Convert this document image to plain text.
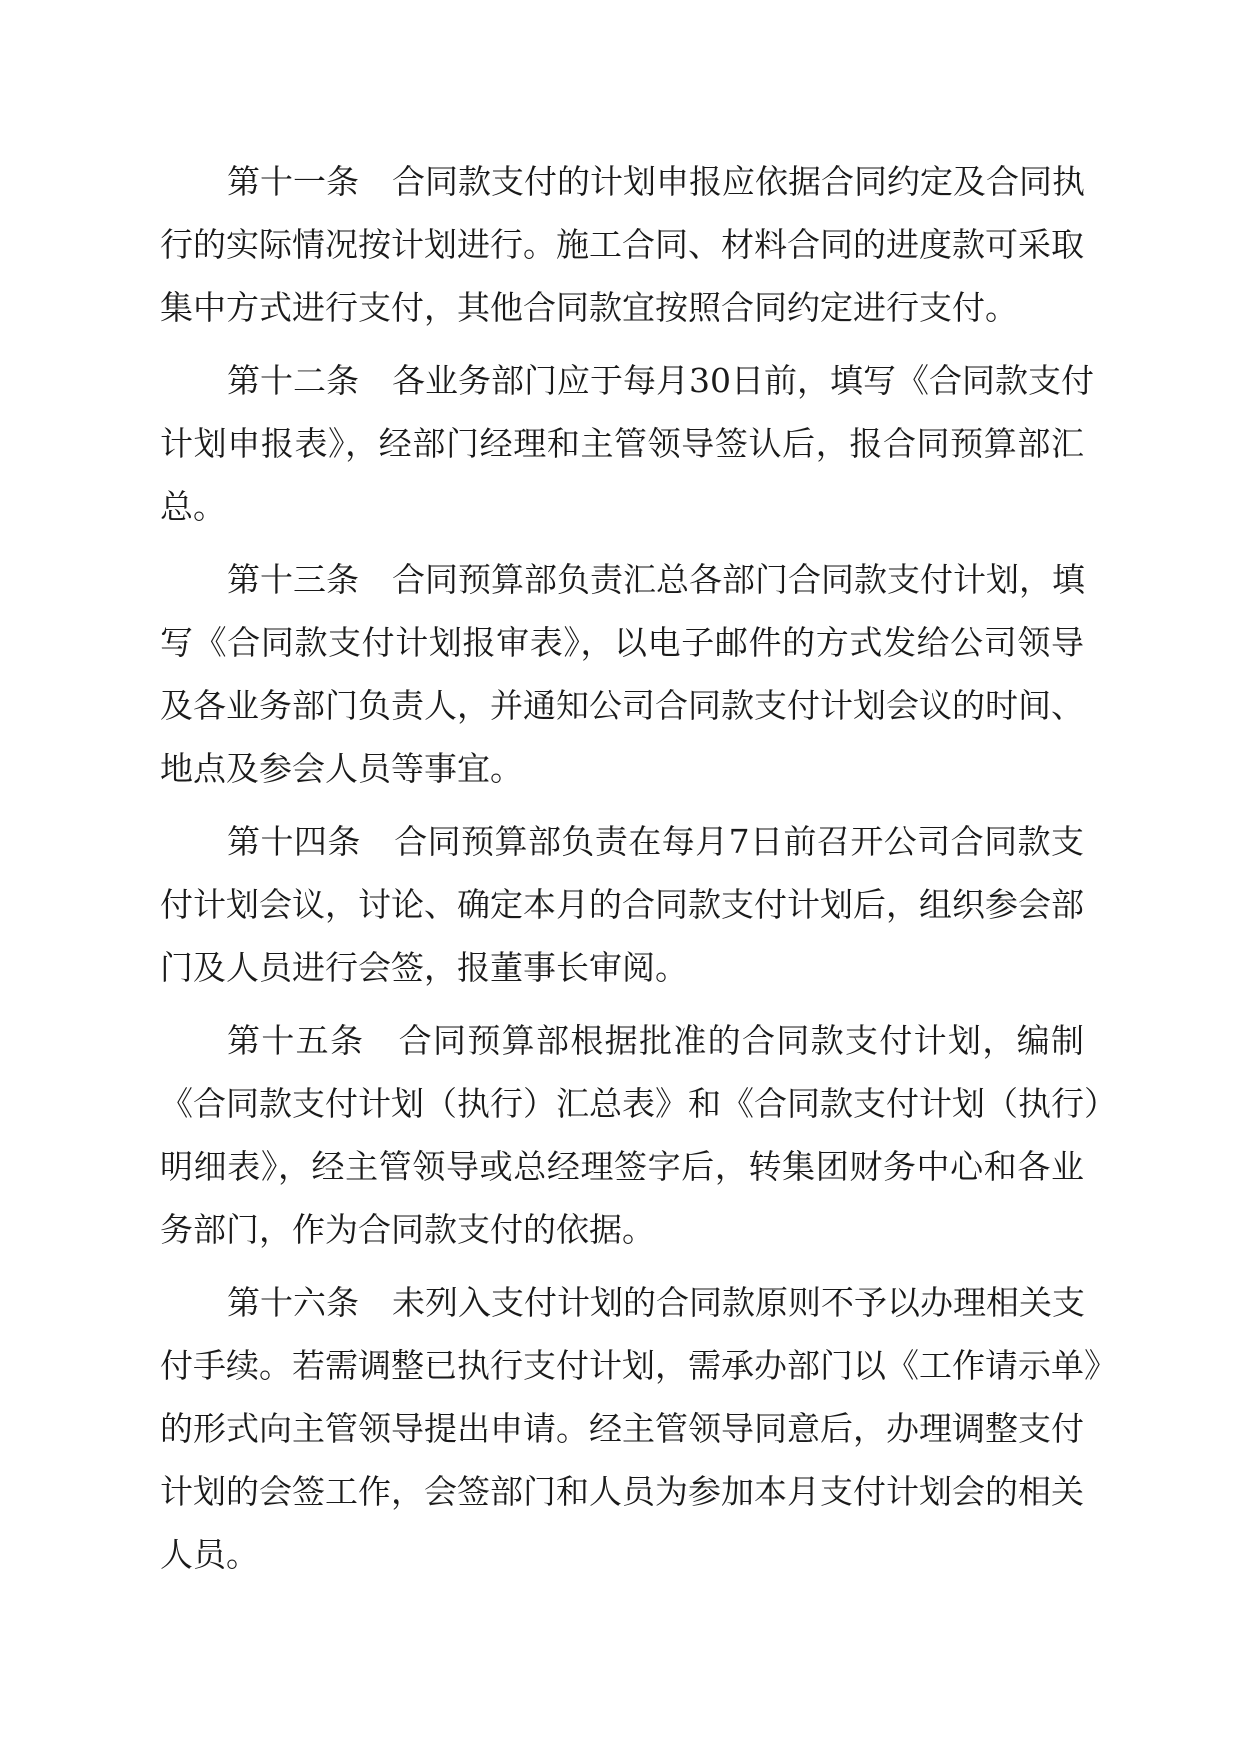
第十一条　合同款支付的计划申报应依据合同约定及合同执
行的实际情况按计划进行。施工合同、材料合同的进度款可采取
集中方式进行支付，其他合同款宜按照合同约定进行支付。
第十二条　各业务部门应于每月30日前，填写《合同款支付
计划申报表》，经部门经理和主管领导签认后，报合同预算部汇
总。
第十三条　合同预算部负责汇总各部门合同款支付计划，填
写《合同款支付计划报审表》，以电子邮件的方式发给公司领导
及各业务部门负责人，并通知公司合同款支付计划会议的时间、
地点及参会人员等事宜。
第十四条　合同预算部负责在每月7日前召开公司合同款支
付计划会议，讨论、确定本月的合同款支付计划后，组织参会部
门及人员进行会签，报董事长审阅。
第十五条　合同预算部根据批准的合同款支付计划，编制
《合同款支付计划（执行）汇总表》和《合同款支付计划（执行）
明细表》，经主管领导或总经理签字后，转集团财务中心和各业
务部门，作为合同款支付的依据。
第十六条　未列入支付计划的合同款原则不予以办理相关支
付手续。若需调整已执行支付计划，需承办部门以《工作请示单》
的形式向主管领导提出申请。经主管领导同意后，办理调整支付
计划的会签工作，会签部门和人员为参加本月支付计划会的相关
人员。
